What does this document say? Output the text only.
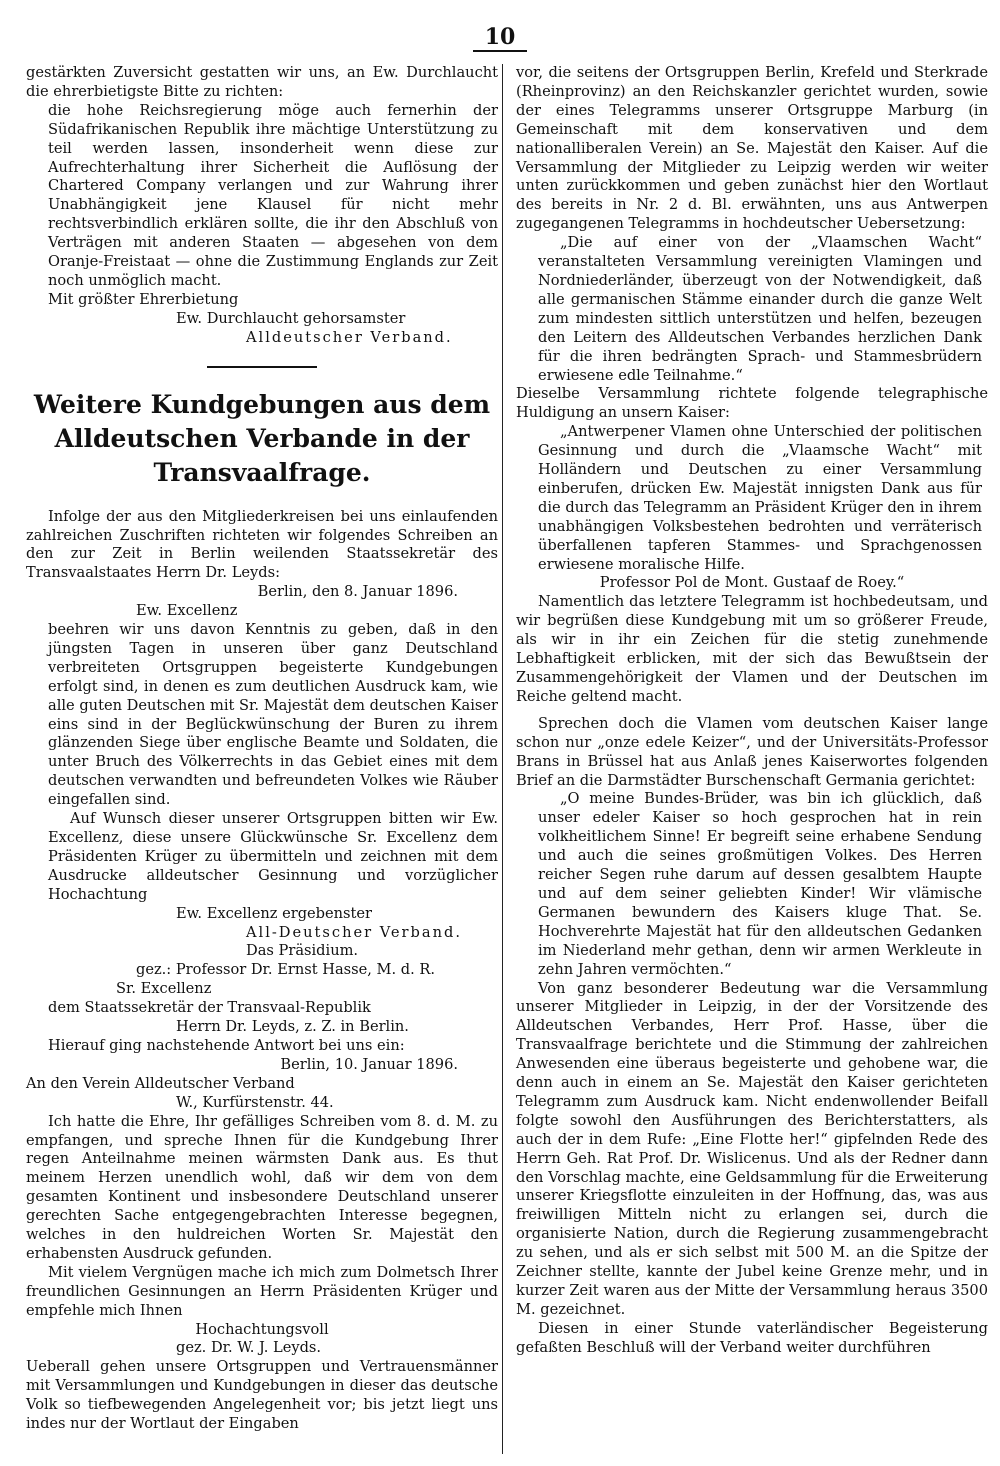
10

gestärkten Zuversicht gestatten wir uns, an Ew. Durchlaucht die ehrerbietigste Bitte zu richten:

die hohe Reichsregierung möge auch fernerhin der Südafrikanischen Republik ihre mächtige Unterstützung zu teil werden lassen, insonderheit wenn diese zur Aufrechterhaltung ihrer Sicherheit die Auflösung der Chartered Company verlangen und zur Wahrung ihrer Unabhängigkeit jene Klausel für nicht mehr rechtsverbindlich erklären sollte, die ihr den Abschluß von Verträgen mit anderen Staaten — abgesehen von dem Oranje-Freistaat — ohne die Zustimmung Englands zur Zeit noch unmöglich macht.

Mit größter Ehrerbietung

Ew. Durchlaucht gehorsamster

Alldeutscher Verband.

Weitere Kundgebungen aus dem Alldeutschen Verbande in der Transvaalfrage.

Infolge der aus den Mitgliederkreisen bei uns einlaufenden zahlreichen Zuschriften richteten wir folgendes Schreiben an den zur Zeit in Berlin weilenden Staatssekretär des Transvaalstaates Herrn Dr. Leyds:

Berlin, den 8. Januar 1896.

Ew. Excellenz

beehren wir uns davon Kenntnis zu geben, daß in den jüngsten Tagen in unseren über ganz Deutschland verbreiteten Ortsgruppen begeisterte Kundgebungen erfolgt sind, in denen es zum deutlichen Ausdruck kam, wie alle guten Deutschen mit Sr. Majestät dem deutschen Kaiser eins sind in der Beglückwünschung der Buren zu ihrem glänzenden Siege über englische Beamte und Soldaten, die unter Bruch des Völkerrechts in das Gebiet eines mit dem deutschen verwandten und befreundeten Volkes wie Räuber eingefallen sind.

Auf Wunsch dieser unserer Ortsgruppen bitten wir Ew. Excellenz, diese unsere Glückwünsche Sr. Excellenz dem Präsidenten Krüger zu übermitteln und zeichnen mit dem Ausdrucke alldeutscher Gesinnung und vorzüglicher Hochachtung

Ew. Excellenz ergebenster

All-Deutscher Verband.

Das Präsidium.

gez.: Professor Dr. Ernst Hasse, M. d. R.

Sr. Excellenz

dem Staatssekretär der Transvaal-Republik

Herrn Dr. Leyds, z. Z. in Berlin.

Hierauf ging nachstehende Antwort bei uns ein:

Berlin, 10. Januar 1896.

An den Verein Alldeutscher Verband

W., Kurfürstenstr. 44.

Ich hatte die Ehre, Ihr gefälliges Schreiben vom 8. d. M. zu empfangen, und spreche Ihnen für die Kundgebung Ihrer regen Anteilnahme meinen wärmsten Dank aus. Es thut meinem Herzen unendlich wohl, daß wir dem von dem gesamten Kontinent und insbesondere Deutschland unserer gerechten Sache entgegengebrachten Interesse begegnen, welches in den huldreichen Worten Sr. Majestät den erhabensten Ausdruck gefunden.

Mit vielem Vergnügen mache ich mich zum Dolmetsch Ihrer freundlichen Gesinnungen an Herrn Präsidenten Krüger und empfehle mich Ihnen

Hochachtungsvoll

gez. Dr. W. J. Leyds.

Ueberall gehen unsere Ortsgruppen und Vertrauensmänner mit Versammlungen und Kundgebungen in dieser das deutsche Volk so tiefbewegenden Angelegenheit vor; bis jetzt liegt uns indes nur der Wortlaut der Eingaben

vor, die seitens der Ortsgruppen Berlin, Krefeld und Sterkrade (Rheinprovinz) an den Reichskanzler gerichtet wurden, sowie der eines Telegramms unserer Ortsgruppe Marburg (in Gemeinschaft mit dem konservativen und dem nationalliberalen Verein) an Se. Majestät den Kaiser. Auf die Versammlung der Mitglieder zu Leipzig werden wir weiter unten zurückkommen und geben zunächst hier den Wortlaut des bereits in Nr. 2 d. Bl. erwähnten, uns aus Antwerpen zugegangenen Telegramms in hochdeutscher Uebersetzung:

„Die auf einer von der „Vlaamschen Wacht“ veranstalteten Versammlung vereinigten Vlamingen und Nordniederländer, überzeugt von der Notwendigkeit, daß alle germanischen Stämme einander durch die ganze Welt zum mindesten sittlich unterstützen und helfen, bezeugen den Leitern des Alldeutschen Verbandes herzlichen Dank für die ihren bedrängten Sprach- und Stammesbrüdern erwiesene edle Teilnahme.“

Dieselbe Versammlung richtete folgende telegraphische Huldigung an unsern Kaiser:

„Antwerpener Vlamen ohne Unterschied der politischen Gesinnung und durch die „Vlaamsche Wacht“ mit Holländern und Deutschen zu einer Versammlung einberufen, drücken Ew. Majestät innigsten Dank aus für die durch das Telegramm an Präsident Krüger den in ihrem unabhängigen Volksbestehen bedrohten und verräterisch überfallenen tapferen Stammes- und Sprachgenossen erwiesene moralische Hilfe.

Professor Pol de Mont. Gustaaf de Roey.“

Namentlich das letztere Telegramm ist hochbedeutsam, und wir begrüßen diese Kundgebung mit um so größerer Freude, als wir in ihr ein Zeichen für die stetig zunehmende Lebhaftigkeit erblicken, mit der sich das Bewußtsein der Zusammengehörigkeit der Vlamen und der Deutschen im Reiche geltend macht.

Sprechen doch die Vlamen vom deutschen Kaiser lange schon nur „onze edele Keizer“, und der Universitäts-Professor Brans in Brüssel hat aus Anlaß jenes Kaiserwortes folgenden Brief an die Darmstädter Burschenschaft Germania gerichtet:

„O meine Bundes-Brüder, was bin ich glücklich, daß unser edeler Kaiser so hoch gesprochen hat in rein volkheitlichem Sinne! Er begreift seine erhabene Sendung und auch die seines großmütigen Volkes. Des Herren reicher Segen ruhe darum auf dessen gesalbtem Haupte und auf dem seiner geliebten Kinder! Wir vlämische Germanen bewundern des Kaisers kluge That. Se. Hochverehrte Majestät hat für den alldeutschen Gedanken im Niederland mehr gethan, denn wir armen Werkleute in zehn Jahren vermöchten.“

Von ganz besonderer Bedeutung war die Versammlung unserer Mitglieder in Leipzig, in der der Vorsitzende des Alldeutschen Verbandes, Herr Prof. Hasse, über die Transvaalfrage berichtete und die Stimmung der zahlreichen Anwesenden eine überaus begeisterte und gehobene war, die denn auch in einem an Se. Majestät den Kaiser gerichteten Telegramm zum Ausdruck kam. Nicht endenwollender Beifall folgte sowohl den Ausführungen des Berichterstatters, als auch der in dem Rufe: „Eine Flotte her!“ gipfelnden Rede des Herrn Geh. Rat Prof. Dr. Wislicenus. Und als der Redner dann den Vorschlag machte, eine Geldsammlung für die Erweiterung unserer Kriegsflotte einzuleiten in der Hoffnung, das, was aus freiwilligen Mitteln nicht zu erlangen sei, durch die organisierte Nation, durch die Regierung zusammengebracht zu sehen, und als er sich selbst mit 500 M. an die Spitze der Zeichner stellte, kannte der Jubel keine Grenze mehr, und in kurzer Zeit waren aus der Mitte der Versammlung heraus 3500 M. gezeichnet.

Diesen in einer Stunde vaterländischer Begeisterung gefaßten Beschluß will der Verband weiter durchführen
